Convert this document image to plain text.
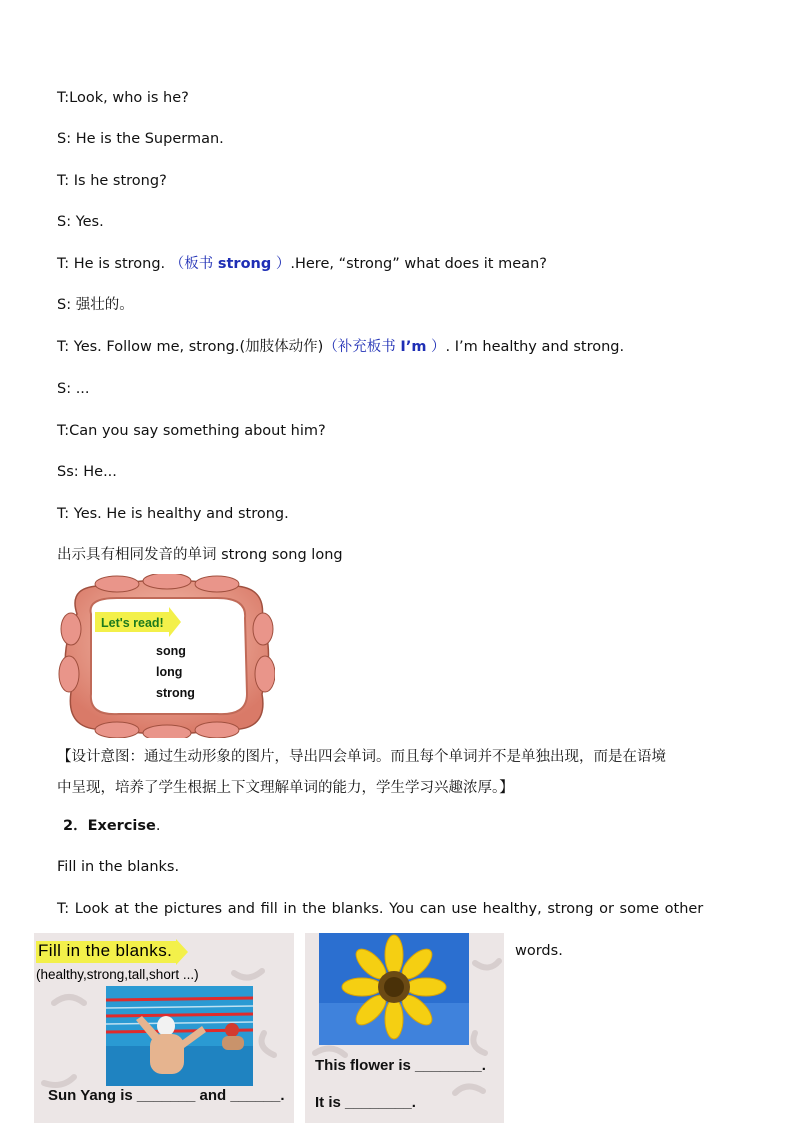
T:Look, who is he?
S: He is the Superman.
T: Is he strong?
S: Yes.
T: He is strong. （板书 strong ）.Here, “strong” what does it mean?
S: 强壮的。
T: Yes. Follow me, strong.(加肢体动作)（补充板书 I’m ）. I’m healthy and strong.
S: ...
T:Can you say something about him?
Ss: He...
T: Yes. He is healthy and strong.
出示具有相同发音的单词 strong song long
Let's read!
song
long
strong
【设计意图：通过生动形象的图片，导出四会单词。而且每个单词并不是单独出现，而是在语境
中呈现，培养了学生根据上下文理解单词的能力，学生学习兴趣浓厚。】
2．Exercise.
Fill in the blanks.
T: Look at the pictures and fill in the blanks. You can use healthy, strong or some other
words.
Fill in the blanks.
(healthy,strong,tall,short ...)
Sun Yang is _______ and ______.
This flower is ________.
It is ________.
